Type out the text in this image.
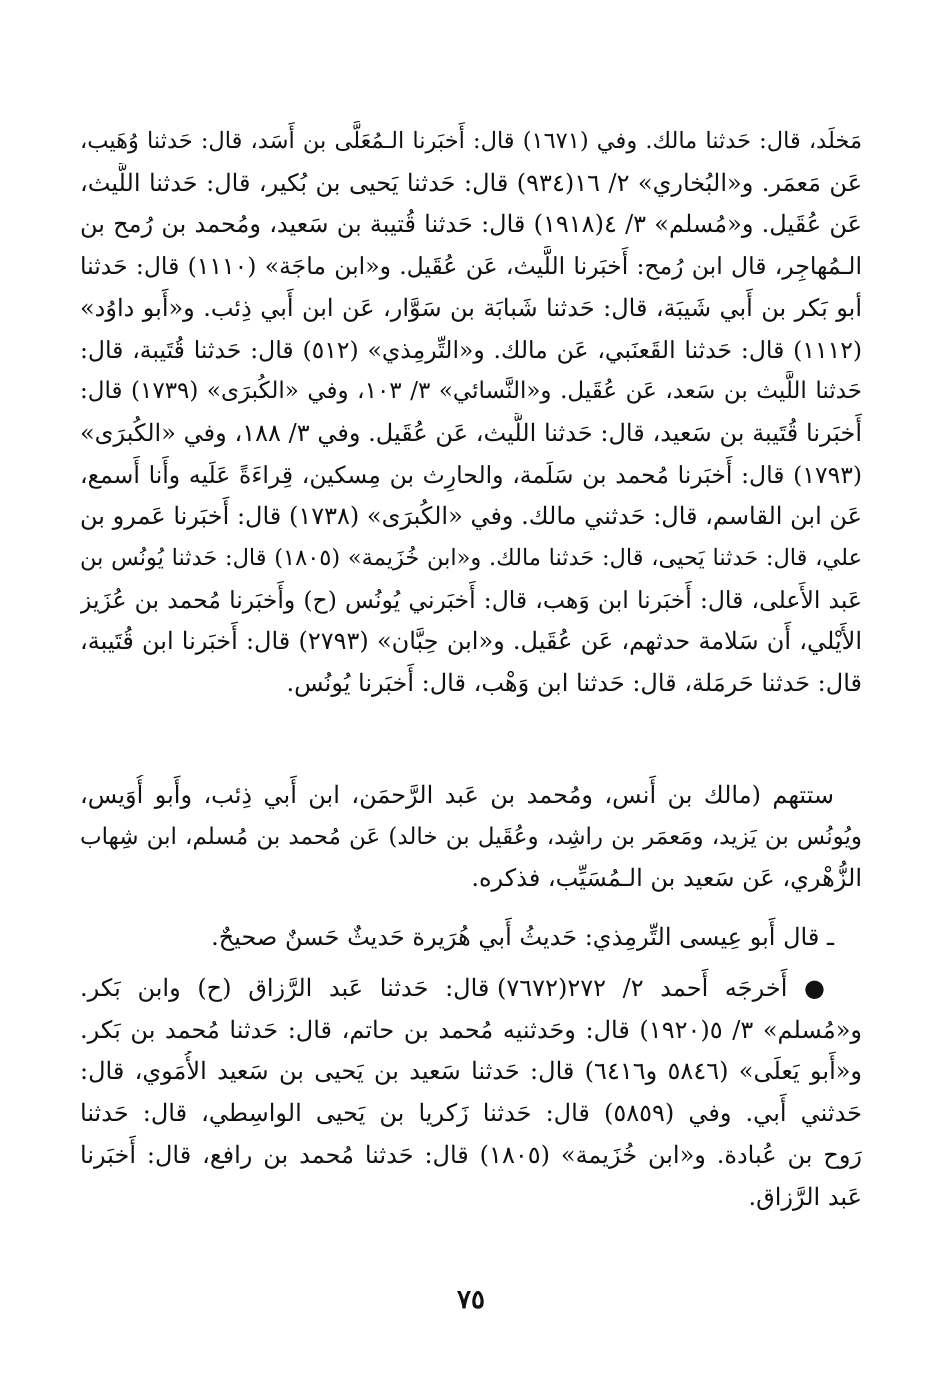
مَخلَد، قال: حَدثنا مالك. وفي (١٦٧١) قال: أَخبَرنا الـمُعَلَّى بن أَسَد، قال: حَدثنا وُهَيب،
عَن مَعمَر. و«البُخاري» ٢/ ١٦(٩٣٤) قال: حَدثنا يَحيى بن بُكير، قال: حَدثنا اللَّيث،
عَن عُقَيل. و«مُسلم» ٣/ ٤(١٩١٨) قال: حَدثنا قُتيبة بن سَعيد، ومُحمد بن رُمح بن
الـمُهاجِر، قال ابن رُمح: أَخبَرنا اللَّيث، عَن عُقَيل. و«ابن ماجَة» (١١١٠) قال: حَدثنا
أبو بَكر بن أَبي شَيبَة، قال: حَدثنا شَبابَة بن سَوَّار، عَن ابن أَبي ذِئب. و«أَبو داوُد»
(١١١٢) قال: حَدثنا القَعنَبي، عَن مالك. و«التِّرمِذي» (٥١٢) قال: حَدثنا قُتَيبة، قال:
حَدثنا اللَّيث بن سَعد، عَن عُقَيل. و«النَّسائي» ٣/ ١٠٣، وفي «الكُبرَى» (١٧٣٩) قال:
أَخبَرنا قُتَيبة بن سَعيد، قال: حَدثنا اللَّيث، عَن عُقَيل. وفي ٣/ ١٨٨، وفي «الكُبرَى»
(١٧٩٣) قال: أَخبَرنا مُحمد بن سَلَمة، والحارِث بن مِسكين، قِراءَةً عَلَيه وأَنا أَسمع،
عَن ابن القاسم، قال: حَدثني مالك. وفي «الكُبرَى» (١٧٣٨) قال: أَخبَرنا عَمرو بن
علي، قال: حَدثنا يَحيى، قال: حَدثنا مالك. و«ابن خُزَيمة» (١٨٠٥) قال: حَدثنا يُونُس بن
عَبد الأَعلى، قال: أَخبَرنا ابن وَهب، قال: أَخبَرني يُونُس (ح) وأَخبَرنا مُحمد بن عُزَيز
الأَيْلي، أَن سَلامة حدثهم، عَن عُقَيل. و«ابن حِبَّان» (٢٧٩٣) قال: أَخبَرنا ابن قُتَيبة،
قال: حَدثنا حَرمَلة، قال: حَدثنا ابن وَهْب، قال: أَخبَرنا يُونُس.
ستتهم (مالك بن أَنس، ومُحمد بن عَبد الرَّحمَن، ابن أَبي ذِئب، وأَبو أُوَيس،
ويُونُس بن يَزيد، ومَعمَر بن راشِد، وعُقَيل بن خالد) عَن مُحمد بن مُسلم، ابن شِهاب
الزُّهْري، عَن سَعيد بن الـمُسَيِّب، فذكره.
ـ قال أَبو عِيسى التِّرمِذي: حَديثُ أَبي هُرَيرة حَديثٌ حَسنٌ صحيحٌ.
● أَخرجَه أَحمد ٢/ ٢٧٢(٧٦٧٢) قال: حَدثنا عَبد الرَّزاق (ح) وابن بَكر.
و«مُسلم» ٣/ ٥(١٩٢٠) قال: وحَدثنيه مُحمد بن حاتم، قال: حَدثنا مُحمد بن بَكر.
و«أَبو يَعلَى» (٥٨٤٦ و٦٤١٦) قال: حَدثنا سَعيد بن يَحيى بن سَعيد الأُمَوي، قال:
حَدثني أَبي. وفي (٥٨٥٩) قال: حَدثنا زَكريا بن يَحيى الواسِطي، قال: حَدثنا
رَوح بن عُبادة. و«ابن خُزَيمة» (١٨٠٥) قال: حَدثنا مُحمد بن رافع، قال: أَخبَرنا
عَبد الرَّزاق.
٧٥
